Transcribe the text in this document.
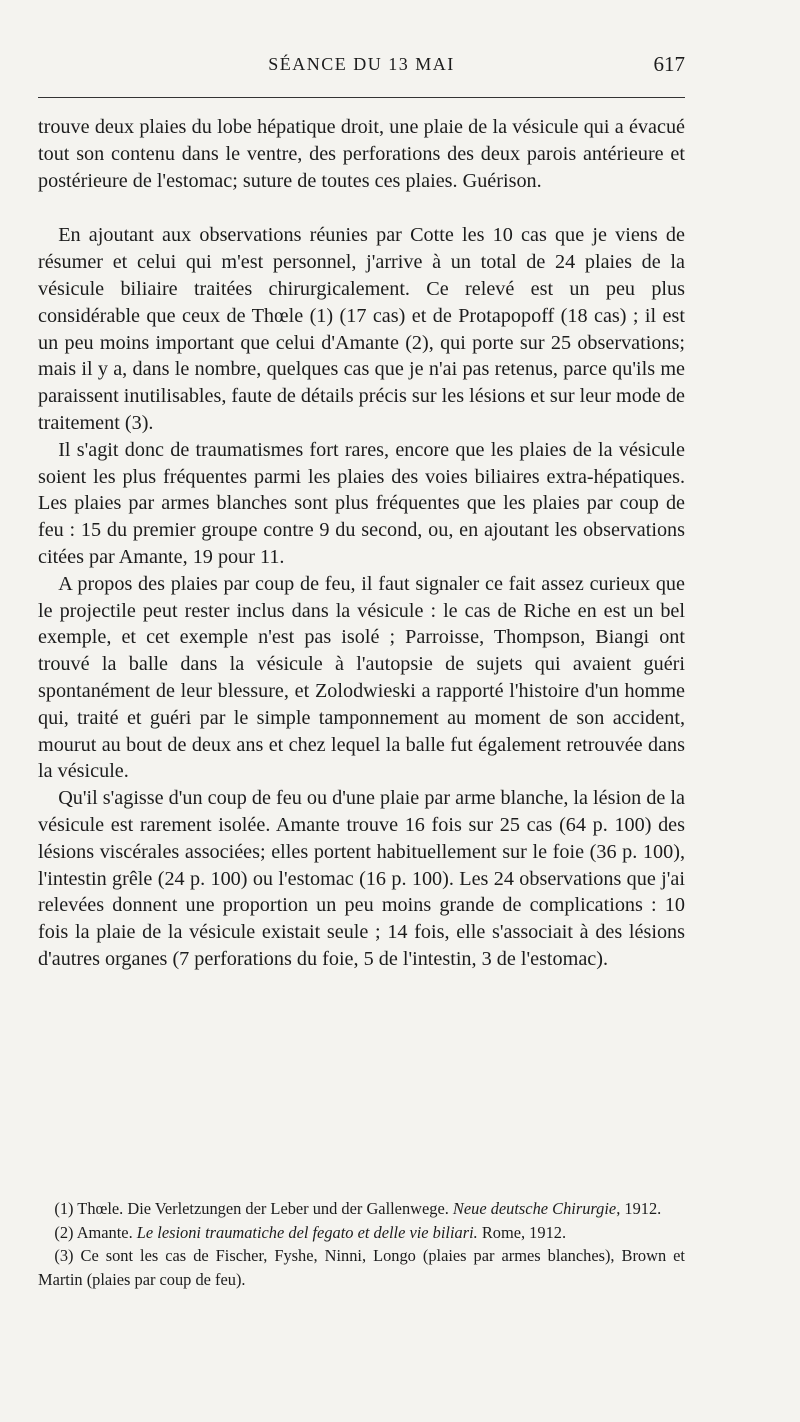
SÉANCE DU 13 MAI	617

trouve deux plaies du lobe hépatique droit, une plaie de la vésicule qui a évacué tout son contenu dans le ventre, des perforations des deux parois antérieure et postérieure de l'estomac; suture de toutes ces plaies. Guérison.

En ajoutant aux observations réunies par Cotte les 10 cas que je viens de résumer et celui qui m'est personnel, j'arrive à un total de 24 plaies de la vésicule biliaire traitées chirurgicalement. Ce relevé est un peu plus considérable que ceux de Thœle (1) (17 cas) et de Protapopoff (18 cas) ; il est un peu moins important que celui d'Amante (2), qui porte sur 25 observations; mais il y a, dans le nombre, quelques cas que je n'ai pas retenus, parce qu'ils me paraissent inutilisables, faute de détails précis sur les lésions et sur leur mode de traitement (3).

Il s'agit donc de traumatismes fort rares, encore que les plaies de la vésicule soient les plus fréquentes parmi les plaies des voies biliaires extra-hépatiques. Les plaies par armes blanches sont plus fréquentes que les plaies par coup de feu : 15 du premier groupe contre 9 du second, ou, en ajoutant les observations citées par Amante, 19 pour 11.

A propos des plaies par coup de feu, il faut signaler ce fait assez curieux que le projectile peut rester inclus dans la vésicule : le cas de Riche en est un bel exemple, et cet exemple n'est pas isolé ; Parroisse, Thompson, Biangi ont trouvé la balle dans la vésicule à l'autopsie de sujets qui avaient guéri spontanément de leur blessure, et Zolodwieski a rapporté l'histoire d'un homme qui, traité et guéri par le simple tamponnement au moment de son accident, mourut au bout de deux ans et chez lequel la balle fut également retrouvée dans la vésicule.

Qu'il s'agisse d'un coup de feu ou d'une plaie par arme blanche, la lésion de la vésicule est rarement isolée. Amante trouve 16 fois sur 25 cas (64 p. 100) des lésions viscérales associées; elles portent habituellement sur le foie (36 p. 100), l'intestin grêle (24 p. 100) ou l'estomac (16 p. 100). Les 24 observations que j'ai relevées donnent une proportion un peu moins grande de complications : 10 fois la plaie de la vésicule existait seule ; 14 fois, elle s'associait à des lésions d'autres organes (7 perforations du foie, 5 de l'intestin, 3 de l'estomac).

(1) Thœle. Die Verletzungen der Leber und der Gallenwege. Neue deutsche Chirurgie, 1912.

(2) Amante. Le lesioni traumatiche del fegato et delle vie biliari. Rome, 1912.

(3) Ce sont les cas de Fischer, Fyshe, Ninni, Longo (plaies par armes blanches), Brown et Martin (plaies par coup de feu).
